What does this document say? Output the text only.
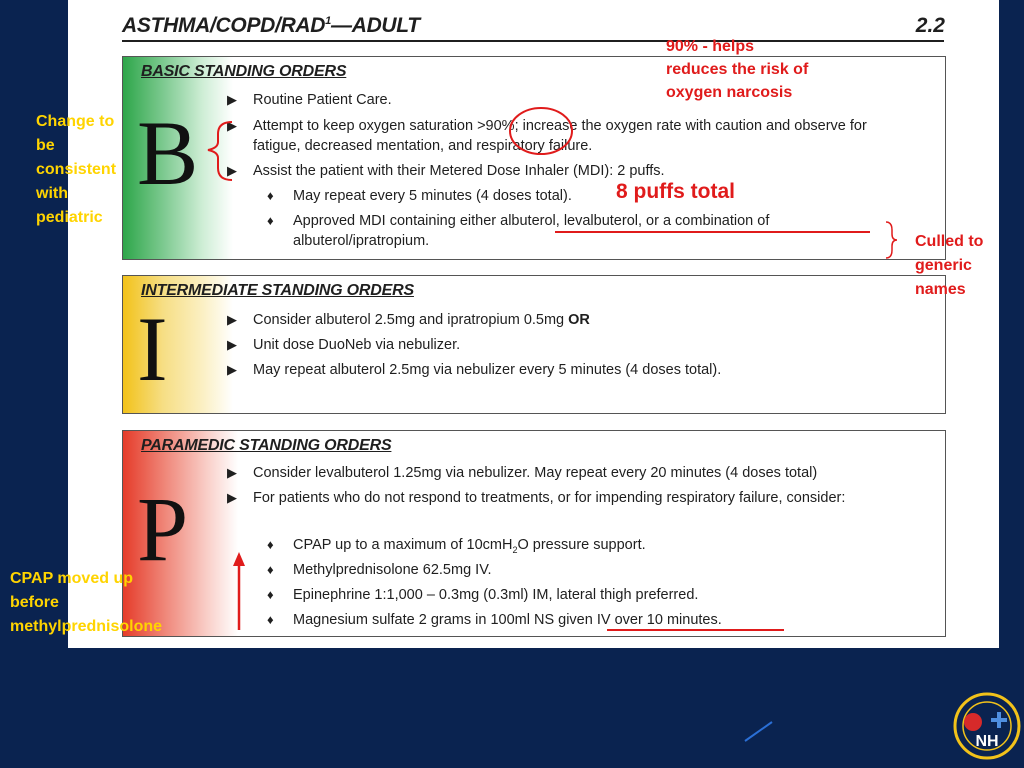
ASTHMA/COPD/RAD$^1$—ADULT	2.2
BASIC STANDING ORDERS
B
▶	Routine Patient Care.
▶	Attempt to keep oxygen saturation >90%; increase the oxygen rate with caution and observe for fatigue, decreased mentation, and respiratory failure.
▶	Assist the patient with their Metered Dose Inhaler (MDI): 2 puffs.
♦	May repeat every 5 minutes (4 doses total).
♦	Approved MDI containing either albuterol, levalbuterol, or a combination of albuterol/ipratropium.
INTERMEDIATE STANDING ORDERS
I	▶	Consider albuterol 2.5mg and ipratropium 0.5mg OR
▶	Unit dose DuoNeb via nebulizer.
▶	May repeat albuterol 2.5mg via nebulizer every 5 minutes (4 doses total).
PARAMEDIC STANDING ORDERS
P
▶	Consider levalbuterol 1.25mg via nebulizer. May repeat every 20 minutes (4 doses total)
▶	For patients who do not respond to treatments, or for impending respiratory failure, consider:
♦	CPAP up to a maximum of 10cmH$_2$O pressure support.
♦	Methylprednisolone 62.5mg IV.
♦	Epinephrine 1:1,000 – 0.3mg (0.3ml) IM, lateral thigh preferred.
♦	Magnesium sulfate 2 grams in 100ml NS given IV over 10 minutes.
90% - helps
reduces the risk of
oxygen narcosis
8 puffs total
Change to
be
consistent
with
pediatric
Culled to
generic
names
CPAP moved up
before
methylprednisolone
NH
